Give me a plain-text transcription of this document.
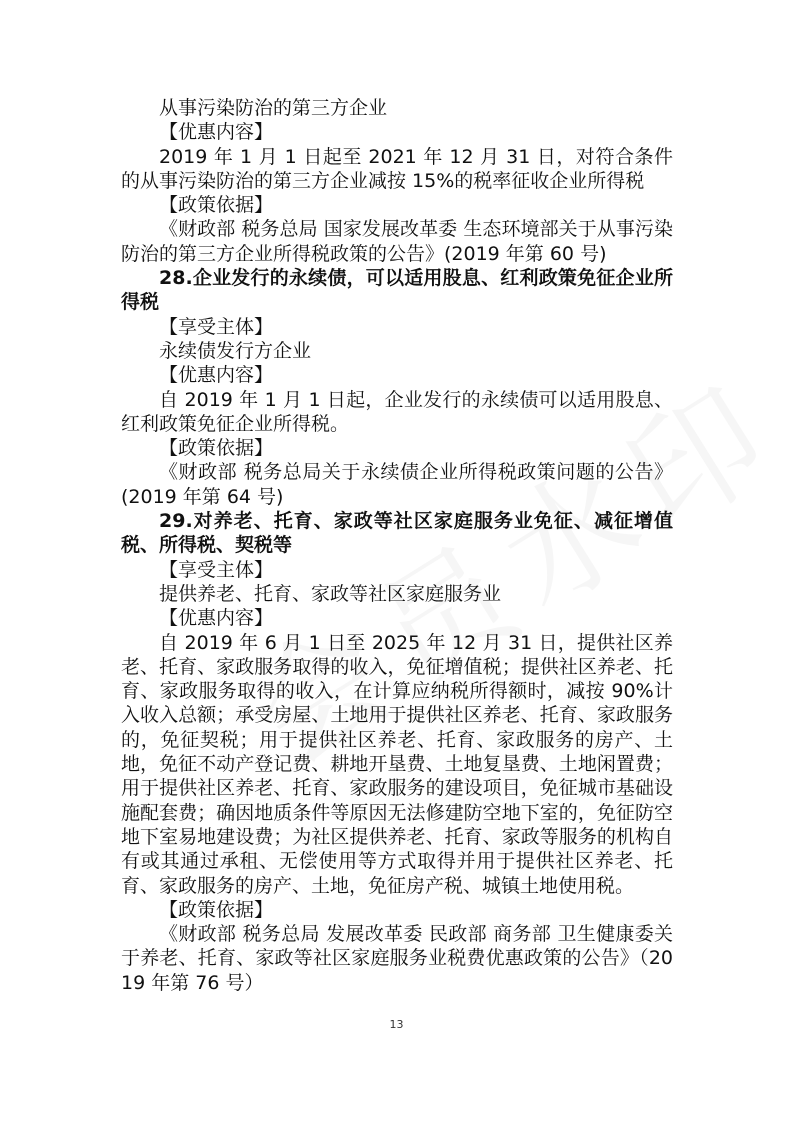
从事污染防治的第三方企业

【优惠内容】

2019 年 1 月 1 日起至 2021 年 12 月 31 日，对符合条件的从事污染防治的第三方企业减按 15%的税率征收企业所得税

【政策依据】

《财政部 税务总局 国家发展改革委 生态环境部关于从事污染防治的第三方企业所得税政策的公告》(2019 年第 60 号)

28.企业发行的永续债，可以适用股息、红利政策免征企业所得税

【享受主体】

永续债发行方企业

【优惠内容】

自 2019 年 1 月 1 日起，企业发行的永续债可以适用股息、红利政策免征企业所得税。

【政策依据】

《财政部 税务总局关于永续债企业所得税政策问题的公告》(2019 年第 64 号)

29.对养老、托育、家政等社区家庭服务业免征、减征增值税、所得税、契税等

【享受主体】

提供养老、托育、家政等社区家庭服务业

【优惠内容】

自 2019 年 6 月 1 日至 2025 年 12 月 31 日，提供社区养老、托育、家政服务取得的收入，免征增值税；提供社区养老、托育、家政服务取得的收入，在计算应纳税所得额时，减按 90%计入收入总额；承受房屋、土地用于提供社区养老、托育、家政服务的，免征契税；用于提供社区养老、托育、家政服务的房产、土地，免征不动产登记费、耕地开垦费、土地复垦费、土地闲置费；用于提供社区养老、托育、家政服务的建设项目，免征城市基础设施配套费；确因地质条件等原因无法修建防空地下室的，免征防空地下室易地建设费；为社区提供养老、托育、家政等服务的机构自有或其通过承租、无偿使用等方式取得并用于提供社区养老、托育、家政服务的房产、土地，免征房产税、城镇土地使用税。

【政策依据】

《财政部 税务总局 发展改革委 民政部 商务部 卫生健康委关于养老、托育、家政等社区家庭服务业税费优惠政策的公告》（2019 年第 76 号）

13
